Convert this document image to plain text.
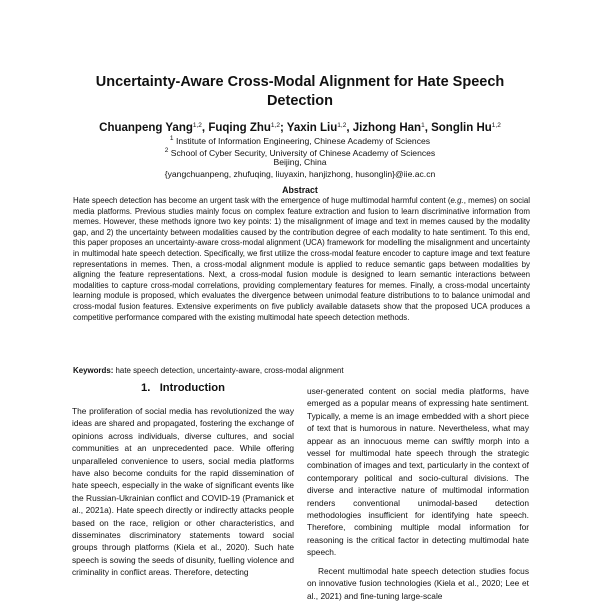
Uncertainty-Aware Cross-Modal Alignment for Hate Speech
Detection
Chuanpeng Yang$^{1,2}$, Fuqing Zhu$^{1,2}$; Yaxin Liu$^{1,2}$, Jizhong Han$^1$, Songlin Hu$^{1,2}$
$^1$ Institute of Information Engineering, Chinese Academy of Sciences
$^2$ School of Cyber Security, University of Chinese Academy of Sciences
Beijing, China
{yangchuanpeng, zhufuqing, liuyaxin, hanjizhong, husonglin}@iie.ac.cn
Abstract
Hate speech detection has become an urgent task with the emergence of huge multimodal harmful content (e.g., memes) on social media platforms. Previous studies mainly focus on complex feature extraction and fusion to learn discriminative information from memes. However, these methods ignore two key points: 1) the misalignment of image and text in memes caused by the modality gap, and 2) the uncertainty between modalities caused by the contribution degree of each modality to hate sentiment. To this end, this paper proposes an uncertainty-aware cross-modal alignment (UCA) framework for modelling the misalignment and uncertainty in multimodal hate speech detection. Specifically, we first utilize the cross-modal feature encoder to capture image and text feature representations in memes. Then, a cross-modal alignment module is applied to reduce semantic gaps between modalities by aligning the feature representations. Next, a cross-modal fusion module is designed to learn semantic interactions between modalities to capture cross-modal correlations, providing complementary features for memes. Finally, a cross-modal uncertainty learning module is proposed, which evaluates the divergence between unimodal feature distributions to to balance unimodal and cross-modal fusion features. Extensive experiments on five publicly available datasets show that the proposed UCA produces a competitive performance compared with the existing multimodal hate speech detection methods.
Keywords: hate speech detection, uncertainty-aware, cross-modal alignment
1. Introduction

The proliferation of social media has revolutionized the way ideas are shared and propagated, fostering the exchange of opinions across individuals, diverse cultures, and social communities at an unprecedented pace. While offering unparalleled convenience to users, social media platforms have also become conduits for the rapid dissemination of hate speech, especially in the wake of significant events like the Russian-Ukrainian conflict and COVID-19 (Pramanick et al., 2021a). Hate speech directly or indirectly attacks people based on the race, religion or other characteristics, and disseminates discriminatory statements toward social groups through platforms (Kiela et al., 2020). Such hate speech is sowing the seeds of disunity, fuelling violence and criminality in conflict areas. Therefore, detecting

user-generated content on social media platforms, have emerged as a popular means of expressing hate sentiment. Typically, a meme is an image embedded with a short piece of text that is humorous in nature. Nevertheless, what may appear as an innocuous meme can swiftly morph into a vessel for multimodal hate speech through the strategic combination of images and text, particularly in the context of contemporary political and socio-cultural divisions. The diverse and interactive nature of multimodal information renders conventional unimodal-based detection methodologies insufficient for identifying hate speech. Therefore, combining multiple modal information for reasoning is the critical factor in detecting multimodal hate speech.

Recent multimodal hate speech detection studies focus on innovative fusion technologies (Kiela et al., 2020; Lee et al., 2021) and fine-tuning large-scale
